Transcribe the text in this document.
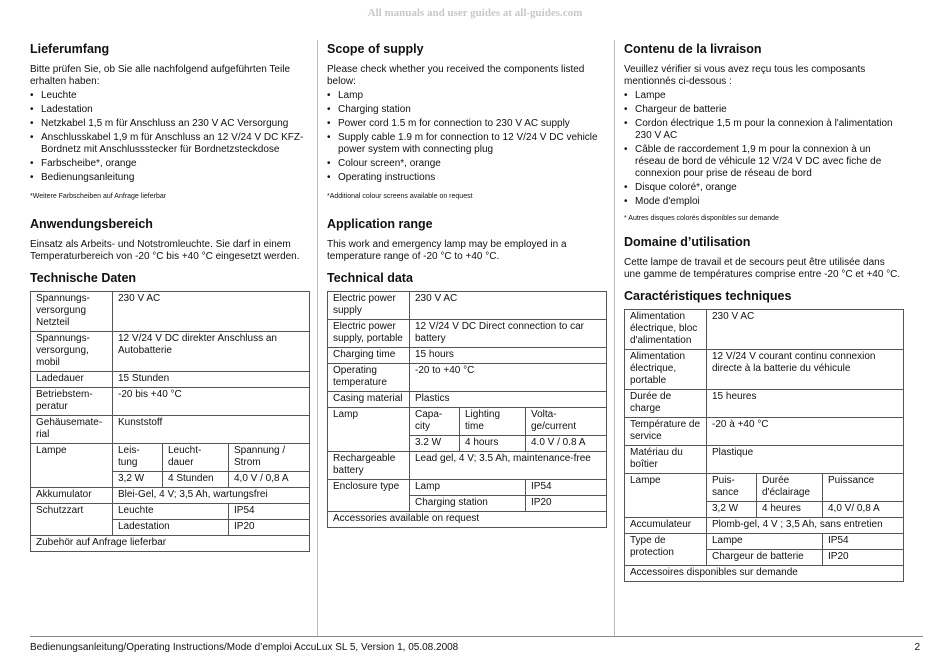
All manuals and user guides at all-guides.com
Lieferumfang

Bitte prüfen Sie, ob Sie alle nachfolgend aufgeführten Teile erhalten haben:

• Leuchte
• Ladestation
• Netzkabel 1,5 m für Anschluss an 230 V AC Versorgung
• Anschlusskabel 1,9 m für Anschluss an 12 V/24 V DC KFZ-Bordnetz mit Anschlussstecker für Bordnetzsteckdose
• Farbscheibe*, orange
• Bedienungsanleitung

*Weitere Farbscheiben auf Anfrage lieferbar

Anwendungsbereich

Einsatz als Arbeits- und Notstromleuchte. Sie darf in einem Temperaturbereich von -20 °C bis +40 °C eingesetzt werden.

Technische Daten
Spannungs-versorgung Netzteil	230 V AC		
Spannungs-versorgung, mobil	12 V/24 V DC direkter Anschluss an Autobatterie		
Ladedauer	15 Stunden		
Betriebstem-peratur	-20 bis +40 °C		
Gehäusemate-rial	Kunststoff		
Lampe	Leis-tung	Leucht-dauer	Spannung / Strom
	3,2 W	4 Stunden	4,0 V / 0,8 A
Akkumulator	Blei-Gel, 4 V; 3,5 Ah, wartungsfrei		
Schutzzart	Leuchte		IP54
	Ladestation		IP20
Zubehör auf Anfrage lieferbar			
Scope of supply

Please check whether you received the components listed below:

• Lamp
• Charging station
• Power cord 1.5 m for connection to 230 V AC supply
• Supply cable 1.9 m for connection to 12 V/24 V DC vehicle power system with connecting plug
• Colour screen*, orange
• Operating instructions

*Additional colour screens available on request

Application range

This work and emergency lamp may be employed in a temperature range of -20 °C to +40 °C.

Technical data
Electric power supply	230 V AC		
Electric power supply, portable	12 V/24 V DC Direct connection to car battery		
Charging time	15 hours		
Operating temperature	-20 to +40 °C		
Casing material	Plastics		
Lamp	Capa-city	Lighting time	Volta-ge/current
	3.2 W	4 hours	4.0 V / 0.8 A
Rechargeable battery	Lead gel, 4 V; 3.5 Ah, maintenance-free		
Enclosure type	Lamp		IP54
	Charging station		IP20
Accessories available on request			
Contenu de la livraison

Veuillez vérifier si vous avez reçu tous les composants mentionnés ci-dessous :

• Lampe
• Chargeur de batterie
• Cordon électrique 1,5 m pour la connexion à l'alimentation 230 V AC
• Câble de raccordement 1,9 m pour la connexion à un réseau de bord de véhicule 12 V/24 V DC avec fiche de connexion pour prise de réseau de bord
• Disque coloré*, orange
• Mode d'emploi

* Autres disques colorés disponibles sur demande

Domaine d’utilisation

Cette lampe de travail et de secours peut être utilisée dans une gamme de températures comprise entre -20 °C et +40 °C.

Caractéristiques techniques
Alimentation électrique, bloc d'alimentation	230 V AC		
Alimentation électrique, portable	12 V/24 V courant continu connexion directe à la batterie du véhicule		
Durée de charge	15 heures		
Température de service	-20 à +40 °C		
Matériau du boîtier	Plastique		
Lampe	Puis-sance	Durée d'éclairage	Puissance
	3,2 W	4 heures	4,0 V/ 0,8 A
Accumulateur	Plomb-gel, 4 V ; 3,5 Ah, sans entretien		
Type de protection	Lampe		IP54
	Chargeur de batterie		IP20
Accessoires disponibles sur demande			
Bedienungsanleitung/Operating Instructions/Mode d’emploi AccuLux SL 5, Version 1, 05.08.2008	2
